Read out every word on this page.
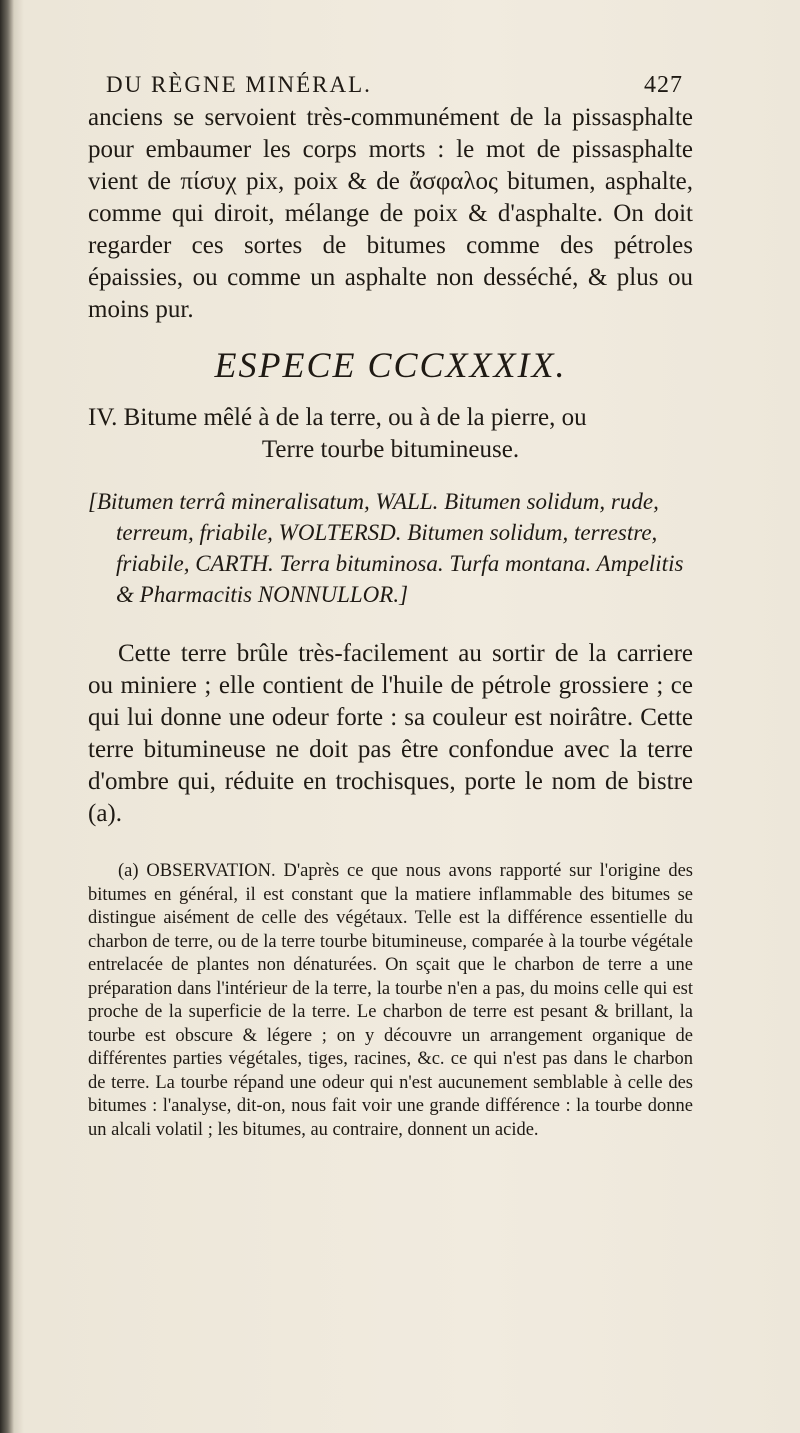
DU RÈGNE MINÉRAL.	427

anciens se servoient très-communément de la pissasphalte pour embaumer les corps morts : le mot de pissasphalte vient de πίσυχ pix, poix & de ἄσφαλος bitumen, asphalte, comme qui diroit, mélange de poix & d'asphalte. On doit regarder ces sortes de bitumes comme des pétroles épaissies, ou comme un asphalte non desséché, & plus ou moins pur.

ESPECE CCCXXXIX.
IV. Bitume mêlé à de la terre, ou à de la pierre, ou
Terre tourbe bitumineuse.

[Bitumen terrâ mineralisatum, WALL. Bitumen solidum, rude, terreum, friabile, WOLTERSD. Bitumen solidum, terrestre, friabile, CARTH. Terra bituminosa. Turfa montana. Ampelitis & Pharmacitis NONNULLOR.]

Cette terre brûle très-facilement au sortir de la carriere ou miniere ; elle contient de l'huile de pétrole grossiere ; ce qui lui donne une odeur forte : sa couleur est noirâtre. Cette terre bitumineuse ne doit pas être confondue avec la terre d'ombre qui, réduite en trochisques, porte le nom de bistre (a).

(a) OBSERVATION. D'après ce que nous avons rapporté sur l'origine des bitumes en général, il est constant que la matiere inflammable des bitumes se distingue aisément de celle des végétaux. Telle est la différence essentielle du charbon de terre, ou de la terre tourbe bitumineuse, comparée à la tourbe végétale entrelacée de plantes non dénaturées. On sçait que le charbon de terre a une préparation dans l'intérieur de la terre, la tourbe n'en a pas, du moins celle qui est proche de la superficie de la terre. Le charbon de terre est pesant & brillant, la tourbe est obscure & légere ; on y découvre un arrangement organique de différentes parties végétales, tiges, racines, &c. ce qui n'est pas dans le charbon de terre. La tourbe répand une odeur qui n'est aucunement semblable à celle des bitumes : l'analyse, dit-on, nous fait voir une grande différence : la tourbe donne un alcali volatil ; les bitumes, au contraire, donnent un acide.
